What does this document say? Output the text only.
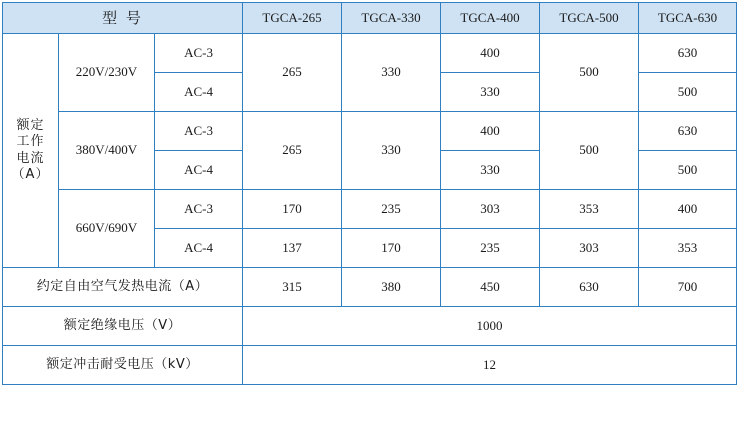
型 号			TGCA-265	TGCA-330	TGCA-400	TGCA-500	TGCA-630

额定
工作
电流
（A）	220V/230V	AC-3	265	330	400	500	630
		AC-4			330		500
	380V/400V	AC-3	265	330	400	500	630
		AC-4			330		500
	660V/690V	AC-3	170	235	303	353	400
		AC-4	137	170	235	303	353
约定自由空气发热电流（A）			315	380	450	630	700
额定绝缘电压（V）			1000				
额定冲击耐受电压（kV）			12				
